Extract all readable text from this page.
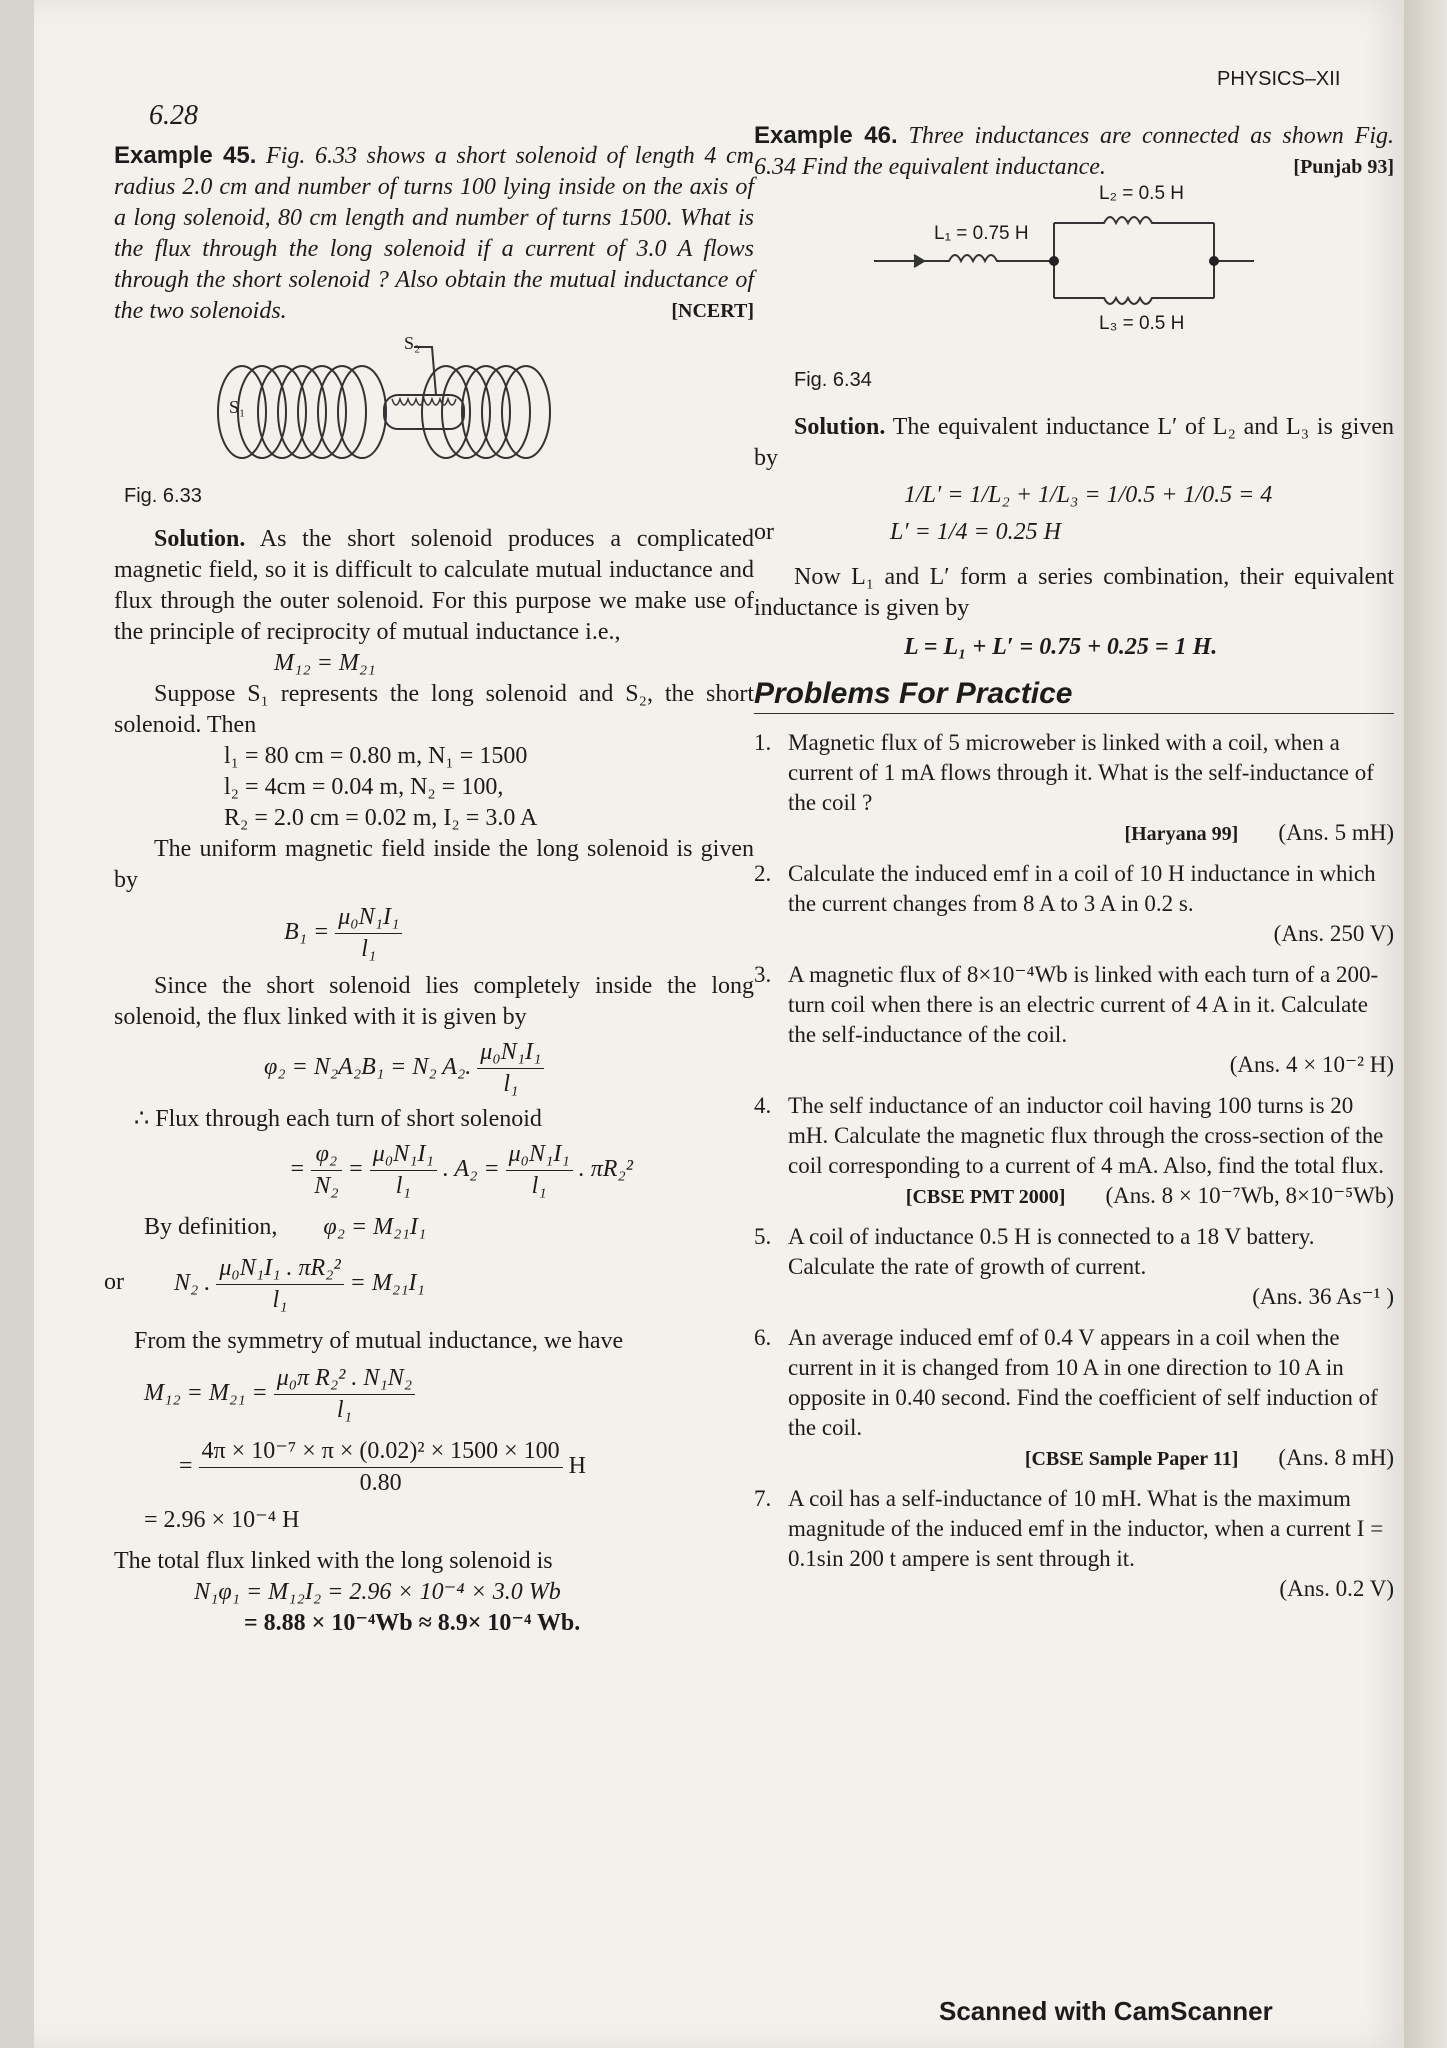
6.28
PHYSICS–XII

Example 45. Fig. 6.33 shows a short solenoid of length 4 cm radius 2.0 cm and number of turns 100 lying inside on the axis of a long solenoid, 80 cm length and number of turns 1500. What is the flux through the long solenoid if a current of 3.0 A flows through the short solenoid ? Also obtain the mutual inductance of the two solenoids.	[NCERT]

S₂
S₁
Fig. 6.33

Solution. As the short solenoid produces a complicated magnetic field, so it is difficult to calculate mutual inductance and flux through the outer solenoid. For this purpose we make use of the principle of reciprocity of mutual inductance i.e.,

M₁₂ = M₂₁

Suppose S₁ represents the long solenoid and S₂, the short solenoid. Then

l₁ = 80 cm = 0.80 m, N₁ = 1500

l₂ = 4cm = 0.04 m, N₂ = 100,

R₂ = 2.0 cm = 0.02 m, I₂ = 3.0 A

The uniform magnetic field inside the long solenoid is given by

$B_1 = \frac{\text{μ₀N₁I₁}}{\text{l₁}}$

Since the short solenoid lies completely inside the long solenoid, the flux linked with it is given by

φ₂ = N₂A₂B₁ = N₂ A₂. $\frac{\text{μ₀N₁I₁}}{\text{l₁}}$

∴ Flux through each turn of short solenoid

= $\frac{\text{φ₂}}{\text{N₂}} = \frac{\text{μ₀N₁I₁}}{\text{l₁}}$ . $A_2 = \frac{\text{μ₀N₁I₁}}{\text{l₁}}$ . πR₂²
By definition, φ₂ = M₂₁I₁
or N₂ . $\frac{\text{μ₀N₁I₁ . πR₂²}}{\text{l₁}} = M_{21}I_1$

From the symmetry of mutual inductance, we have

$M_{12} = M_{21} = \frac{\text{μ₀π R₂² . N₁N₂}}{\text{l₁}}$
= $\frac{\text{4π × 10⁻⁷ × π × (0.02)² × 1500 × 100}}{0.80}$ H

= 2.96 × 10⁻⁴ H

The total flux linked with the long solenoid is

N₁φ₁ = M₁₂I₂ = 2.96 × 10⁻⁴ × 3.0 Wb

= 8.88 × 10⁻⁴Wb ≈ 8.9× 10⁻⁴ Wb.

Example 46. Three inductances are connected as shown Fig. 6.34 Find the equivalent inductance.	[Punjab 93]

L₁ = 0.75 H
L₂ = 0.5 H
L₃ = 0.5 H
Fig. 6.34

Solution. The equivalent inductance L′ of L₂ and L₃ is given by

1/L′ = 1/L₂ + 1/L₃ = 1/0.5 + 1/0.5 = 4

or	L′ = 1/4 = 0.25 H

Now L₁ and L′ form a series combination, their equivalent inductance is given by

L = L₁ + L′ = 0.75 + 0.25 = 1 H.

Problems For Practice
1. Magnetic flux of 5 microweber is linked with a coil, when a current of 1 mA flows through it. What is the self-inductance of the coil ?
[Haryana 99] (Ans. 5 mH)
2. Calculate the induced emf in a coil of 10 H inductance in which the current changes from 8 A to 3 A in 0.2 s.
(Ans. 250 V)
3. A magnetic flux of 8×10⁻⁴Wb is linked with each turn of a 200-turn coil when there is an electric current of 4 A in it. Calculate the self-inductance of the coil.
(Ans. 4 × 10⁻² H)
4. The self inductance of an inductor coil having 100 turns is 20 mH. Calculate the magnetic flux through the cross-section of the coil corresponding to a current of 4 mA. Also, find the total flux.
[CBSE PMT 2000] (Ans. 8 × 10⁻⁷Wb, 8×10⁻⁵Wb)
5. A coil of inductance 0.5 H is connected to a 18 V battery. Calculate the rate of growth of current.
(Ans. 36 As⁻¹ )
6. An average induced emf of 0.4 V appears in a coil when the current in it is changed from 10 A in one direction to 10 A in opposite in 0.40 second. Find the coefficient of self induction of the coil.
[CBSE Sample Paper 11] (Ans. 8 mH)
7. A coil has a self-inductance of 10 mH. What is the maximum magnitude of the induced emf in the inductor, when a current I = 0.1sin 200 t ampere is sent through it.
(Ans. 0.2 V)
Scanned with CamScanner
